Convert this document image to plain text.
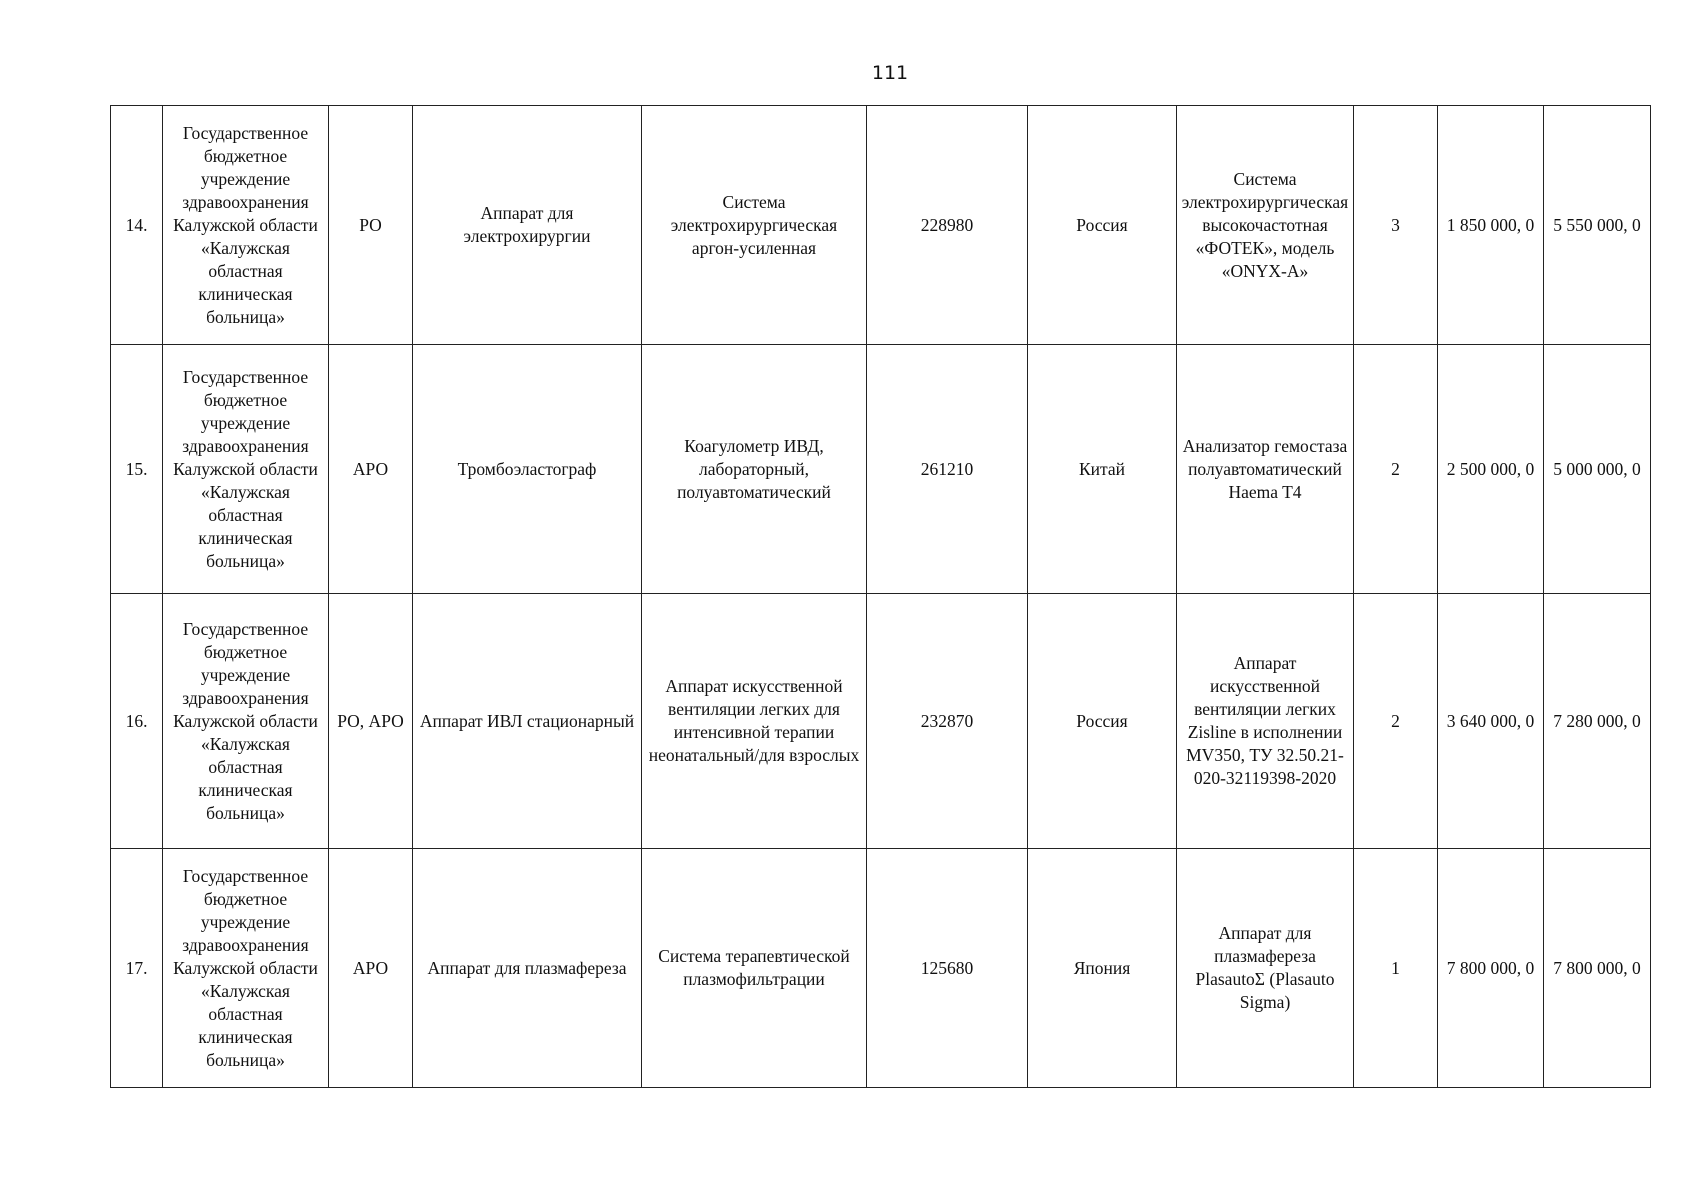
111
14.	Государственное бюджетное учреждение здравоохранения Калужской области «Калужская областная клиническая больница»	РО	Аппарат для электрохирургии	Система электрохирургическая аргон-усиленная	228980	Россия	Система электрохирургическая высокочастотная «ФОТЕК», модель «ONYX-A»	3	1 850 000, 0	5 550 000, 0
15.	Государственное бюджетное учреждение здравоохранения Калужской области «Калужская областная клиническая больница»	АРО	Тромбоэластограф	Коагулометр ИВД, лабораторный, полуавтоматический	261210	Китай	Анализатор гемостаза полуавтоматический Haema T4	2	2 500 000, 0	5 000 000, 0
16.	Государственное бюджетное учреждение здравоохранения Калужской области «Калужская областная клиническая больница»	РО, АРО	Аппарат ИВЛ стационарный	Аппарат искусственной вентиляции легких для интенсивной терапии неонатальный/для взрослых	232870	Россия	Аппарат искусственной вентиляции легких Zisline в исполнении MV350, ТУ 32.50.21-020-32119398-2020	2	3 640 000, 0	7 280 000, 0
17.	Государственное бюджетное учреждение здравоохранения Калужской области «Калужская областная клиническая больница»	АРО	Аппарат для плазмафереза	Система терапевтической плазмофильтрации	125680	Япония	Аппарат для плазмафереза PlasautoΣ (Plasauto Sigma)	1	7 800 000, 0	7 800 000, 0
